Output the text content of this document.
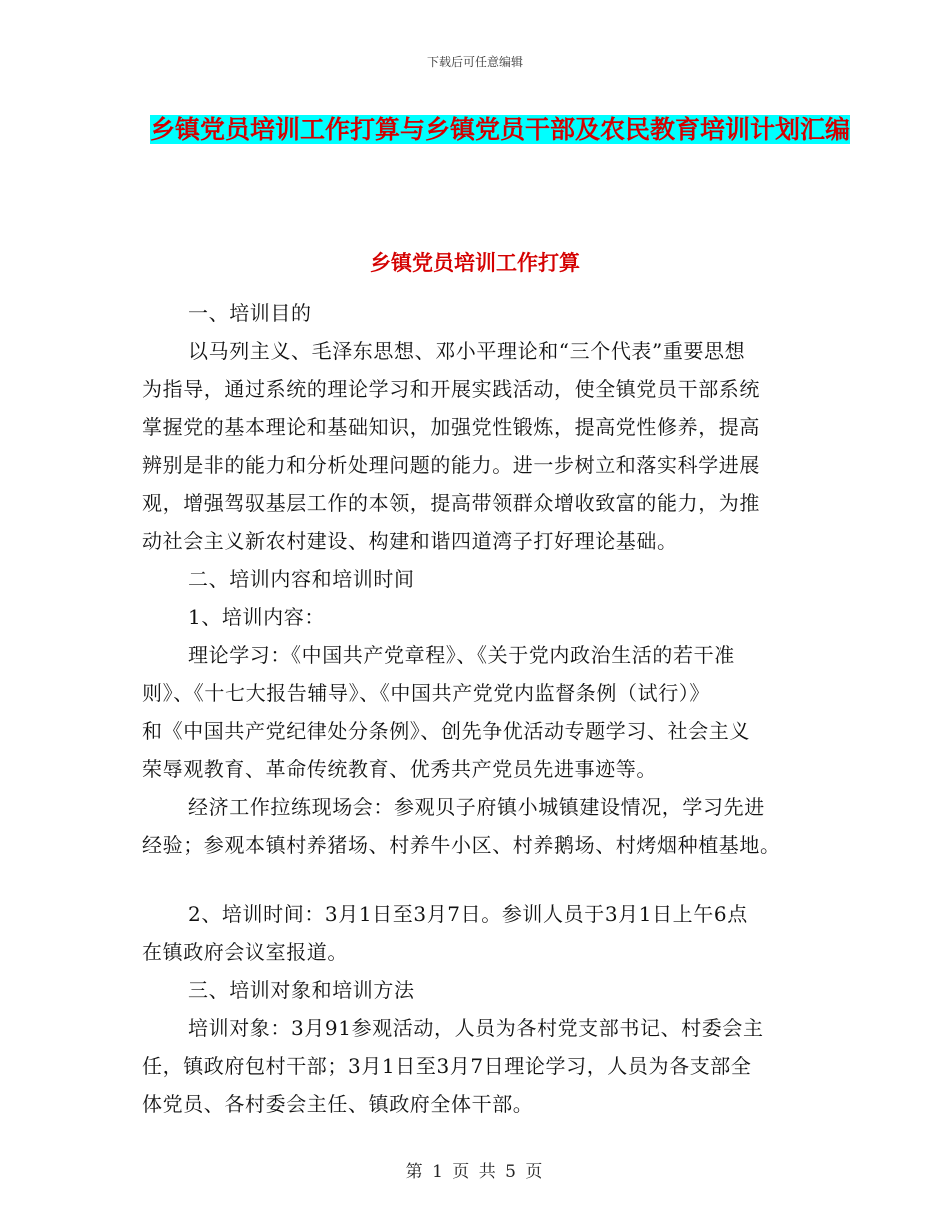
下载后可任意编辑
乡镇党员培训工作打算与乡镇党员干部及农民教育培训计划汇编
乡镇党员培训工作打算
一、培训目的
以马列主义、毛泽东思想、邓小平理论和“三个代表”重要思想
为指导，通过系统的理论学习和开展实践活动，使全镇党员干部系统
掌握党的基本理论和基础知识，加强党性锻炼，提高党性修养，提高
辨别是非的能力和分析处理问题的能力。进一步树立和落实科学进展
观，增强驾驭基层工作的本领，提高带领群众增收致富的能力，为推
动社会主义新农村建设、构建和谐四道湾子打好理论基础。
二、培训内容和培训时间
1、培训内容：
理论学习：《中国共产党章程》、《关于党内政治生活的若干准
则》、《十七大报告辅导》、《中国共产党党内监督条例（试行）》
和《中国共产党纪律处分条例》、创先争优活动专题学习、社会主义
荣辱观教育、革命传统教育、优秀共产党员先进事迹等。
经济工作拉练现场会：参观贝子府镇小城镇建设情况，学习先进
经验；参观本镇村养猪场、村养牛小区、村养鹅场、村烤烟种植基地。
2、培训时间：3月1日至3月7日。参训人员于3月1日上午6点
在镇政府会议室报道。
三、培训对象和培训方法
培训对象：3月91参观活动，人员为各村党支部书记、村委会主
任，镇政府包村干部；3月1日至3月7日理论学习，人员为各支部全
体党员、各村委会主任、镇政府全体干部。
第 1 页 共 5 页
